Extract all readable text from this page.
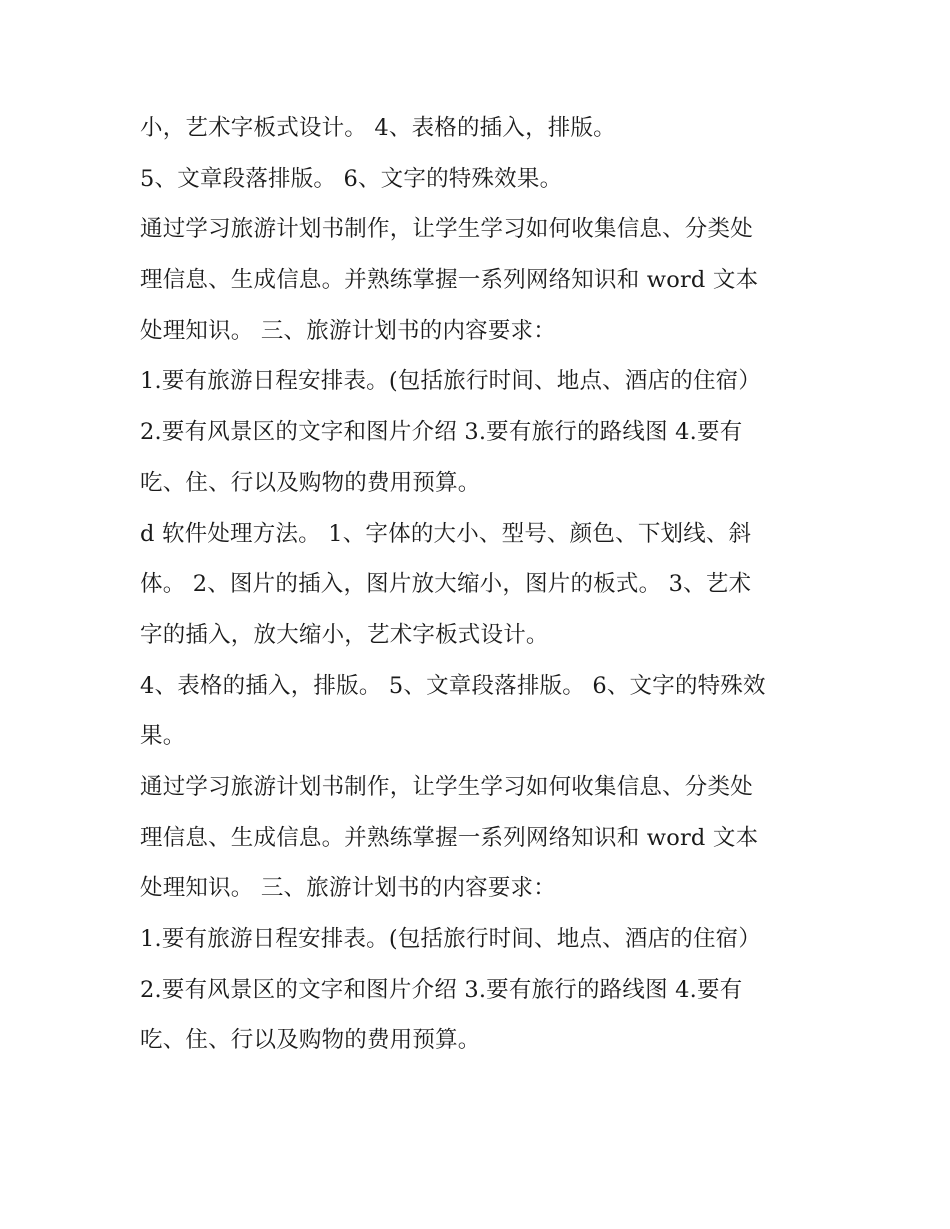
小，艺术字板式设计。 4、表格的插入，排版。
5、文章段落排版。 6、文字的特殊效果。
通过学习旅游计划书制作，让学生学习如何收集信息、分类处
理信息、生成信息。并熟练掌握一系列网络知识和 word 文本
处理知识。 三、旅游计划书的内容要求：
1.要有旅游日程安排表。(包括旅行时间、地点、酒店的住宿）
2.要有风景区的文字和图片介绍 3.要有旅行的路线图 4.要有
吃、住、行以及购物的费用预算。
d 软件处理方法。 1、字体的大小、型号、颜色、下划线、斜
体。 2、图片的插入，图片放大缩小，图片的板式。 3、艺术
字的插入，放大缩小，艺术字板式设计。
4、表格的插入，排版。 5、文章段落排版。 6、文字的特殊效
果。
通过学习旅游计划书制作，让学生学习如何收集信息、分类处
理信息、生成信息。并熟练掌握一系列网络知识和 word 文本
处理知识。 三、旅游计划书的内容要求：
1.要有旅游日程安排表。(包括旅行时间、地点、酒店的住宿）
2.要有风景区的文字和图片介绍 3.要有旅行的路线图 4.要有
吃、住、行以及购物的费用预算。
